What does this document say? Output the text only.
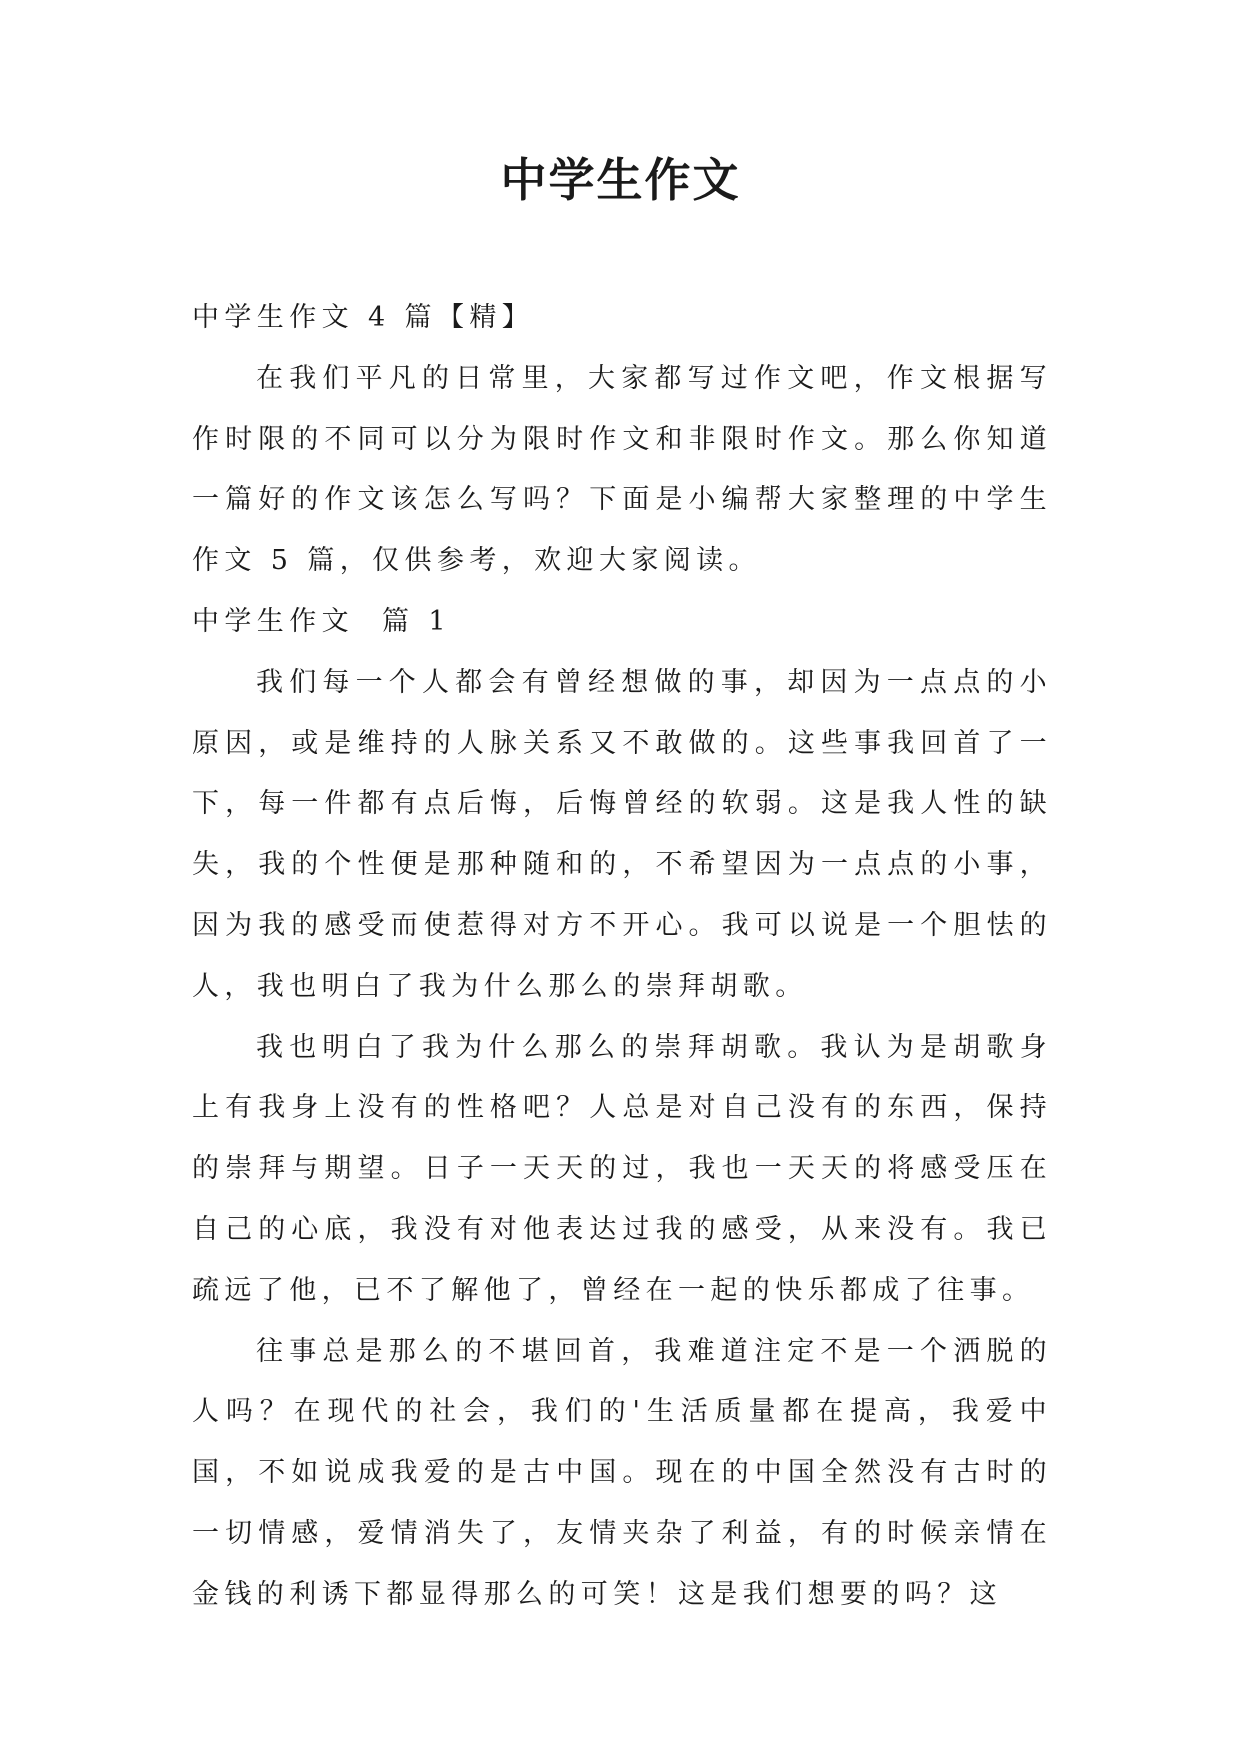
中学生作文

中学生作文 4 篇【精】

在我们平凡的日常里，大家都写过作文吧，作文根据写作时限的不同可以分为限时作文和非限时作文。那么你知道一篇好的作文该怎么写吗？下面是小编帮大家整理的中学生作文 5 篇，仅供参考，欢迎大家阅读。

中学生作文  篇 1

我们每一个人都会有曾经想做的事，却因为一点点的小原因，或是维持的人脉关系又不敢做的。这些事我回首了一下，每一件都有点后悔，后悔曾经的软弱。这是我人性的缺失，我的个性便是那种随和的，不希望因为一点点的小事，因为我的感受而使惹得对方不开心。我可以说是一个胆怯的人，我也明白了我为什么那么的崇拜胡歌。

我也明白了我为什么那么的崇拜胡歌。我认为是胡歌身上有我身上没有的性格吧？人总是对自己没有的东西，保持的崇拜与期望。日子一天天的过，我也一天天的将感受压在自己的心底，我没有对他表达过我的感受，从来没有。我已疏远了他，已不了解他了，曾经在一起的快乐都成了往事。

往事总是那么的不堪回首，我难道注定不是一个洒脱的人吗？在现代的社会，我们的'生活质量都在提高，我爱中国，不如说成我爱的是古中国。现在的中国全然没有古时的一切情感，爱情消失了，友情夹杂了利益，有的时候亲情在金钱的利诱下都显得那么的可笑！这是我们想要的吗？这
